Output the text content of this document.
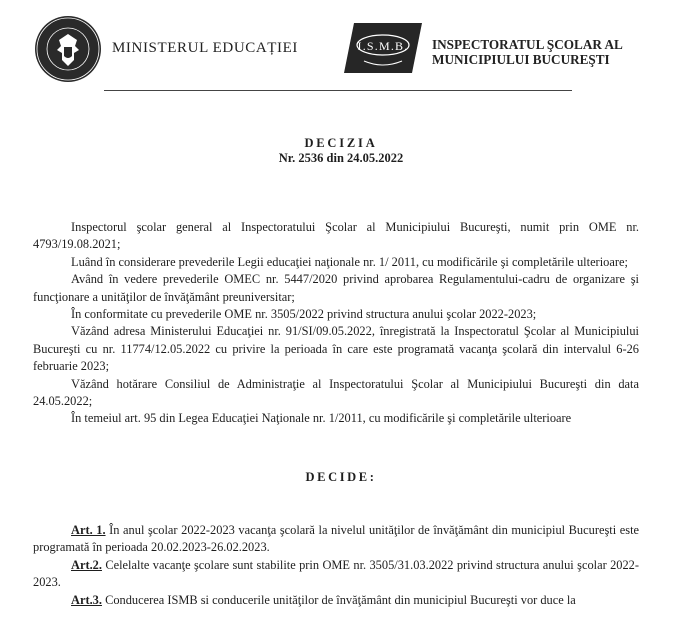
MINISTERUL EDUCAȚIEI	I.S.M.B. INSPECTORATUL ŞCOLAR AL
MUNICIPIULUI BUCUREŞTI
DECIZIA
Nr. 2536 din 24.05.2022

Inspectorul şcolar general al Inspectoratului Şcolar al Municipiului Bucureşti, numit prin OME nr. 4793/19.08.2021;

Luând în considerare prevederile Legii educaţiei naţionale nr. 1/ 2011, cu modificările şi completările ulterioare;

Având în vedere prevederile OMEC nr. 5447/2020 privind aprobarea Regulamentului-cadru de organizare şi funcţionare a unităţilor de învăţământ preuniversitar;

În conformitate cu prevederile OME nr. 3505/2022 privind structura anului şcolar 2022-2023;

Văzând adresa Ministerului Educaţiei nr. 91/SI/09.05.2022, înregistrată la Inspectoratul Şcolar al Municipiului Bucureşti cu nr. 11774/12.05.2022 cu privire la perioada în care este programată vacanţa şcolară din intervalul 6-26 februarie 2023;

Văzând hotărare Consiliul de Administraţie al Inspectoratului Şcolar al Municipiului Bucureşti din data 24.05.2022;

În temeiul art. 95 din Legea Educaţiei Naţionale nr. 1/2011, cu modificările şi completările ulterioare

DECIDE:

Art. 1. În anul şcolar 2022-2023 vacanţa şcolară la nivelul unităţilor de învăţământ din municipiul Bucureşti este programată în perioada 20.02.2023-26.02.2023.

Art.2. Celelalte vacanţe şcolare sunt stabilite prin OME nr. 3505/31.03.2022 privind structura anului şcolar 2022-2023.

Art.3. Conducerea ISMB si conducerile unităţilor de învăţământ din municipiul Bucureşti vor duce la
